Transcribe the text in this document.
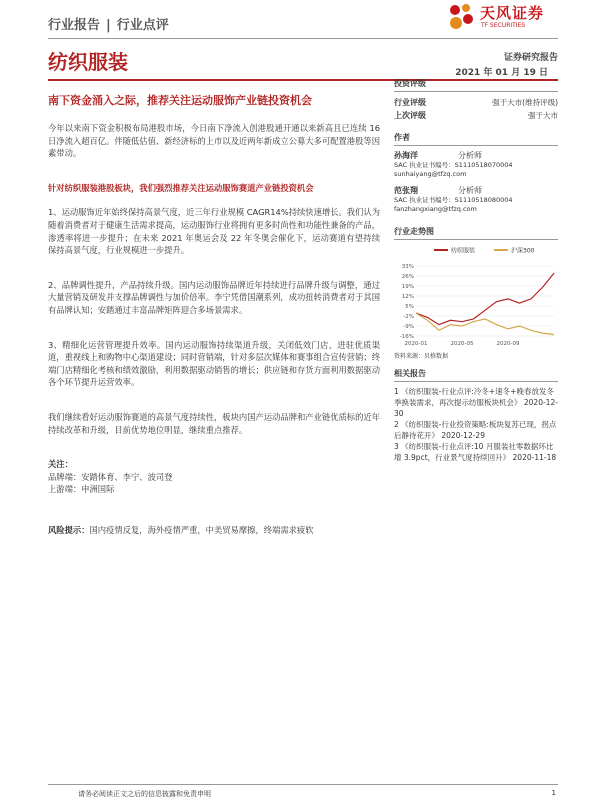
行业报告 | 行业点评
天风证券
TF SECURITIES
纺织服装	证券研究报告
2021 年 01 月 19 日
南下资金涌入之际，推荐关注运动服饰产业链投资机会
今年以来南下资金积极布局港股市场，今日南下净流入创港股通开通以来新高且已连续 16 日净流入超百亿。伴随低估值、新经济标的上市以及近两年新成立公募大多可配置港股等因素带动。
针对纺织服装港股板块，我们强烈推荐关注运动服饰赛道产业链投资机会
1、运动服饰近年始终保持高景气度，近三年行业规模 CAGR14%持续快速增长。我们认为随着消费者对于健康生活需求提高，运动服饰行业将拥有更多时尚性和功能性兼备的产品，渗透率将进一步提升；在未来 2021 年奥运会及 22 年冬奥会催化下，运动赛道有望持续保持高景气度，行业规模进一步提升。
2、品牌调性提升，产品持续升级。国内运动服饰品牌近年持续进行品牌升级与调整，通过大量营销及研发并支撑品牌调性与加价倍率。李宁凭借国潮系列，成功扭转消费者对于其国有品牌认知；安踏通过丰富品牌矩阵迎合多场景需求。
3、精细化运营管理提升效率。国内运动服饰持续渠道升级，关闭低效门店，进驻优质渠道，重视线上和购物中心渠道建设；同时营销端，针对多层次媒体和赛事组合宣传营销；终端门店精细化考核和绩效激励，利用数据驱动销售的增长；供应链和存货方面利用数据驱动各个环节提升运营效率。
我们继续看好运动服饰赛道的高景气度持续性，板块内国产运动品牌和产业链优质标的近年持续改革和升级，目前优势地位明显，继续重点推荐。
关注：
品牌端：安踏体育、李宁、波司登
上游端：申洲国际
风险提示：国内疫情反复，海外疫情严重，中美贸易摩擦，终端需求疲软
投资评级
行业评级	强于大市(维持评级)
上次评级	强于大市
作者
孙海洋	分析师
SAC 执业证书编号：S1110518070004
sunhaiyang@tfzq.com
范张翔	分析师
SAC 执业证书编号：S1110518080004
fanzhangxiang@tfzq.com
行业走势图
纺织服装	沪深300
33%
26%
19%
12%
5%
-2%
-9%
-16%
2020-01	2020-05	2020-09
资料来源：贝格数据
相关报告
1 《纺织服装-行业点评:冷冬+速冬+晚春放发冬季换装需求，再次提示纺服板块机会》 2020-12-30
2 《纺织服装-行业投资策略:板块复苏已现，拐点后静待花开》 2020-12-29
3 《纺织服装-行业点评:10 月服装社零数据环比增 3.9pct，行业景气度持续回升》 2020-11-18
请务必阅读正文之后的信息披露和免责申明	1
